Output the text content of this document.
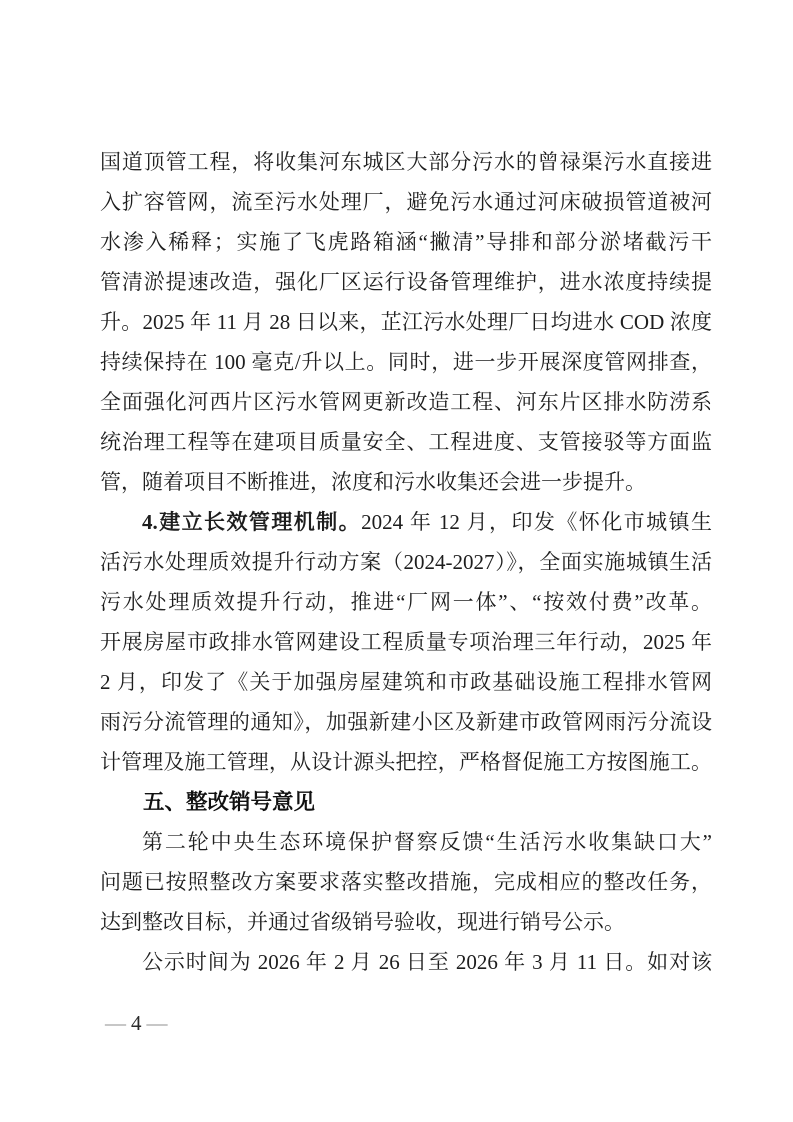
国道顶管工程，将收集河东城区大部分污水的曾禄渠污水直接进
入扩容管网，流至污水处理厂，避免污水通过河床破损管道被河
水渗入稀释；实施了飞虎路箱涵“撇清”导排和部分淤堵截污干
管清淤提速改造，强化厂区运行设备管理维护，进水浓度持续提
升。2025 年 11 月 28 日以来，芷江污水处理厂日均进水 COD 浓度
持续保持在 100 毫克/升以上。同时，进一步开展深度管网排查，
全面强化河西片区污水管网更新改造工程、河东片区排水防涝系
统治理工程等在建项目质量安全、工程进度、支管接驳等方面监
管，随着项目不断推进，浓度和污水收集还会进一步提升。
4.建立长效管理机制。2024 年 12 月，印发《怀化市城镇生
活污水处理质效提升行动方案（2024-2027）》，全面实施城镇生活
污水处理质效提升行动，推进“厂网一体”、“按效付费”改革。
开展房屋市政排水管网建设工程质量专项治理三年行动，2025 年
2 月，印发了《关于加强房屋建筑和市政基础设施工程排水管网
雨污分流管理的通知》，加强新建小区及新建市政管网雨污分流设
计管理及施工管理，从设计源头把控，严格督促施工方按图施工。
五、整改销号意见
第二轮中央生态环境保护督察反馈“生活污水收集缺口大”
问题已按照整改方案要求落实整改措施，完成相应的整改任务，
达到整改目标，并通过省级销号验收，现进行销号公示。
公示时间为 2026 年 2 月 26 日至 2026 年 3 月 11 日。如对该
— 4 —
